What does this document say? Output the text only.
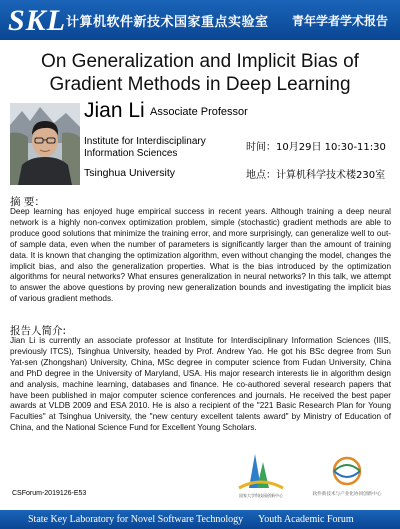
SKL 计算机软件新技术国家重点实验室 青年学者学术报告
On Generalization and Implicit Bias of Gradient Methods in Deep Learning
Jian Li Associate Professor
Institute for Interdisciplinary Information Sciences
Tsinghua University
时间：10月29日 10:30-11:30
地点：计算机科学技术楼230室
摘 要：
Deep learning has enjoyed huge empirical success in recent years. Although training a deep neural network is a highly non-convex optimization problem, simple (stochastic) gradient methods are able to produce good solutions that minimize the training error, and more surprisingly, can generalize well to out-of sample data, even when the number of parameters is significantly larger than the amount of training data. It is known that changing the optimization algorithm, even without changing the model, changes the implicit bias, and also the generalization properties. What is the bias introduced by the optimization algorithms for neural networks? What ensures generalization in neural networks? In this talk, we attempt to answer the above questions by proving new generalization bounds and investigating the implicit bias of various gradient methods.
报告人简介:
Jian Li is currently an associate professor at Institute for Interdisciplinary Information Sciences (IIIS, previously ITCS), Tsinghua University, headed by Prof. Andrew Yao. He got his BSc degree from Sun Yat-sen (Zhongshan) University, China, MSc degree in computer science from Fudan University, China and PhD degree in the University of Maryland, USA. His major research interests lie in algorithm design and analysis, machine learning, databases and finance. He co-authored several research papers that have been published in major computer science conferences and journals. He received the best paper awards at VLDB 2009 and ESA 2010. He is also a recipient of the "221 Basic Research Plan for Young Faculties" at Tsinghua University, the "new century excellent talents award" by Ministry of Education of China, and the National Science Fund for Excellent Young Scholars.
国家大学科技园创新中心	软件新技术与产业化协同创新中心
CSForum-2019126-E53
State Key Laboratory for Novel Software Technology Youth Academic Forum
